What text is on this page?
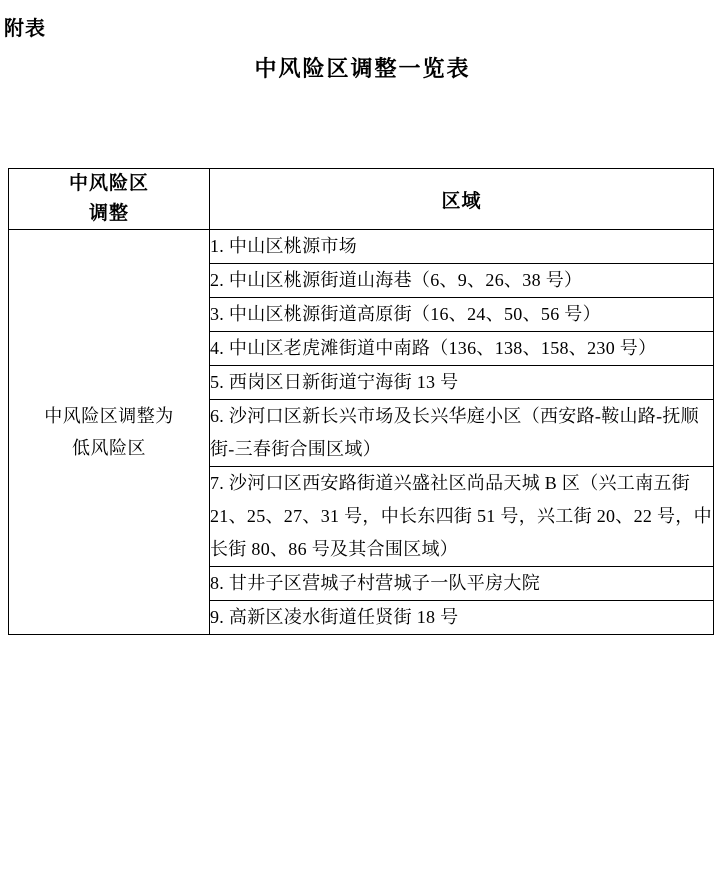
附表
中风险区调整一览表
中风险区
调整	区域

中风险区调整为
低风险区	1. 中山区桃源市场
	2. 中山区桃源街道山海巷（6、9、26、38 号）
	3. 中山区桃源街道高原街（16、24、50、56 号）
	4. 中山区老虎滩街道中南路（136、138、158、230 号）
	5. 西岗区日新街道宁海街 13 号
	6. 沙河口区新长兴市场及长兴华庭小区（西安路-鞍山路-抚顺街-三春街合围区域）
	7. 沙河口区西安路街道兴盛社区尚品天城 B 区（兴工南五街 21、25、27、31 号，中长东四街 51 号，兴工街 20、22 号，中长街 80、86 号及其合围区域）
	8. 甘井子区营城子村营城子一队平房大院
	9. 高新区凌水街道任贤街 18 号
